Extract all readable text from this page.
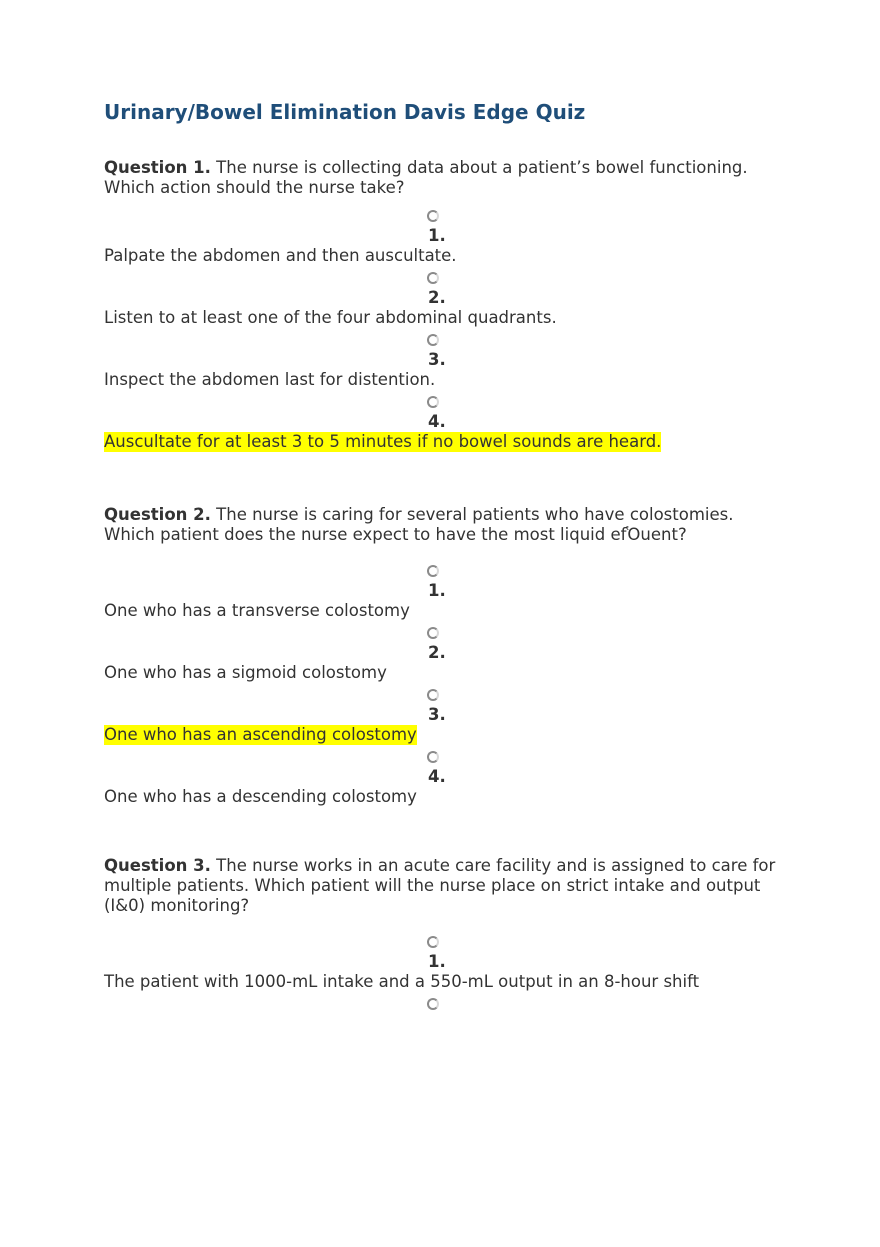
Urinary/Bowel Elimination Davis Edge Quiz

Question 1. The nurse is collecting data about a patient’s bowel functioning. Which action should the nurse take?

1.
Palpate the abdomen and then auscultate.
2.
Listen to at least one of the four abdominal quadrants.
3.
Inspect the abdomen last for distention.
4.
Auscultate for at least 3 to 5 minutes if no bowel sounds are heard.

Question 2. The nurse is caring for several patients who have colostomies. Which patient does the nurse expect to have the most liquid efὉuent?

1.
One who has a transverse colostomy
2.
One who has a sigmoid colostomy
3.
One who has an ascending colostomy
4.
One who has a descending colostomy

Question 3. The nurse works in an acute care facility and is assigned to care for multiple patients. Which patient will the nurse place on strict intake and output (I&0) monitoring?

1.
The patient with 1000-mL intake and a 550-mL output in an 8-hour shift
